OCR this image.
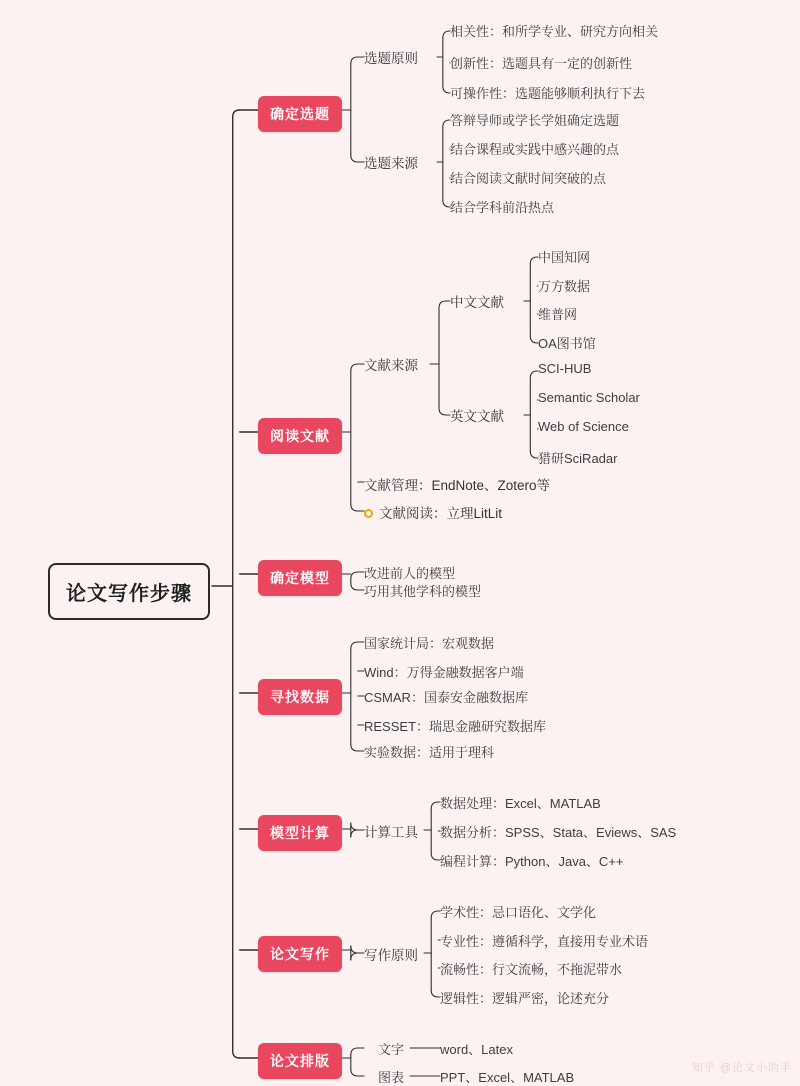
论文写作步骤
确定选题
选题原则
相关性：和所学专业、研究方向相关
创新性：选题具有一定的创新性
可操作性：选题能够顺利执行下去
选题来源
答辩导师或学长学姐确定选题
结合课程或实践中感兴趣的点
结合阅读文献时间突破的点
结合学科前沿热点
阅读文献
文献来源
中文文献
中国知网
万方数据
维普网
OA图书馆
英文文献
SCI-HUB
Semantic Scholar
Web of Science
猎研SciRadar
文献管理：EndNote、Zotero等
文献阅读：立理LitLit
确定模型	改进前人的模型
巧用其他学科的模型
寻找数据
国家统计局：宏观数据
Wind：万得金融数据客户端
CSMAR：国泰安金融数据库
RESSET：瑞思金融研究数据库
实验数据：适用于理科
模型计算	计算工具
数据处理：Excel、MATLAB
数据分析：SPSS、Stata、Eviews、SAS
编程计算：Python、Java、C++
论文写作	写作原则
学术性：忌口语化、文学化
专业性：遵循科学，直接用专业术语
流畅性：行文流畅，不拖泥带水
逻辑性：逻辑严密，论述充分
论文排版
文字	word、Latex
图表	PPT、Excel、MATLAB
知乎 @论文小助手
